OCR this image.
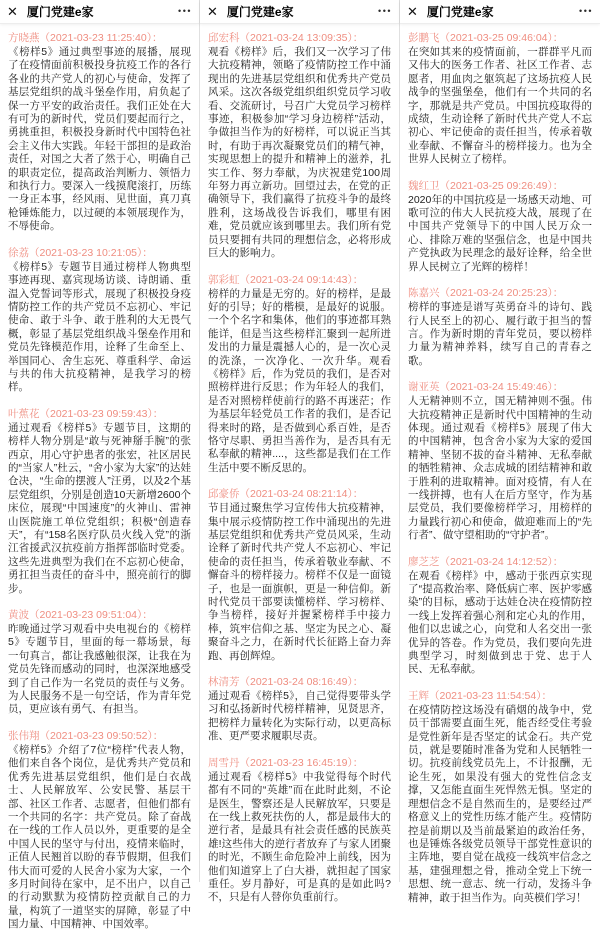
✕ 厦门党建e家	•••
方晓燕（2021-03-23 11:25:40）：
《榜样5》通过典型事迹的展播，展现了在疫情面前积极投身抗疫工作的各行各业的共产党人的初心与使命，发挥了基层党组织的战斗堡垒作用，肩负起了保一方平安的政治责任。我们正处在大有可为的新时代，党员们要起而行之，勇挑重担，积极投身新时代中国特色社会主义伟大实践。年轻干部担的是政治责任，对国之大者了然于心，明确自己的职责定位，提高政治判断力、领悟力和执行力。要深入一线摸爬滚打，历练一身正本事，经风雨、见世面，真刀真枪锤炼能力，以过硬的本领展现作为，不辱使命。
徐荔（2021-03-23 10:21:05）：
《榜样5》专题节目通过榜样人物典型事迹再现、嘉宾现场访谈、诗朗诵、重温入党誓词等形式，展现了积极投身疫情防控工作的共产党员不忘初心、牢记使命、敢于斗争、敢于胜利的大无畏气概，彰显了基层党组织战斗堡垒作用和党员先锋模范作用，诠释了生命至上、举国同心、舍生忘死、尊重科学、命运与共的伟大抗疫精神，是我学习的榜样。
叶蕉花（2021-03-23 09:59:43）：
通过观看《榜样5》专题节目，这期的榜样人物分别是“敢与死神掰手腕”的张西京，用心守护患者的张宏，社区居民的“当家人”杜云，“舍小家为大家”的达娃仓决，“生命的摆渡人”汪勇，以及2个基层党组织，分别是创造10天新增2600个床位，展现“中国速度”的火神山、雷神山医院施工单位党组织；积极“创造春天”，有“158名医疗队员火线入党”的浙江省援武汉抗疫前方指挥部临时党委。这些先进典型为我们在不忘初心使命，勇扛担当责任的奋斗中，照亮前行的脚步。
黄波（2021-03-23 09:51:04）：
昨晚通过学习观看中央电视台的《榜样5》专题节目，里面的每一幕场景，每一句真言，都让我感触很深，让我在为党员先锋而感动的同时，也深深地感受到了自己作为一名党员的责任与义务。为人民服务不是一句空话，作为青年党员，更应该有勇气、有担当。
张伟翔（2021-03-23 09:50:52）：
《榜样5》介绍了7位“榜样”代表人物，他们来自各个岗位，是优秀共产党员和优秀先进基层党组织，他们是白衣战士、人民解放军、公安民警、基层干部、社区工作者、志愿者，但他们都有一个共同的名字：共产党员。除了奋战在一线的工作人员以外，更重要的是全中国人民的坚守与付出，疫情来临时，正值人民翘首以盼的春节假期，但我们伟大而可爱的人民舍小家为大家，一个多月时间待在家中，足不出户，以自己的行动默默为疫情防控贡献自己的力量，构筑了一道坚实的屏障，彰显了中国力量、中国精神、中国效率。
✕ 厦门党建e家	•••
邱宏科（2021-03-24 13:09:35）：
观看《榜样》后，我们又一次学习了伟大抗疫精神，领略了疫情防控工作中涌现出的先进基层党组织和优秀共产党员风采。这次各级党组织组织党员学习收看、交流研讨，号召广大党员学习榜样事迹，积极参加“学习身边榜样”活动，争做担当作为的好榜样，可以说正当其时，有助于再次凝聚党员们的精气神，实现思想上的提升和精神上的滋养，扎实工作、努力奉献，为庆祝建党100周年努力再立新功。回望过去，在党的正确领导下，我们赢得了抗疫斗争的最终胜利，这场战役告诉我们，哪里有困难，党员就应该到哪里去。我们所有党员只要拥有共同的理想信念，必将形成巨大的影响力。
郭彩虹（2021-03-24 09:14:43）：
榜样的力量是无穷的。好的榜样，是最好的引导；好的楷模，是最好的说服。一个个名字和集体，他们的事迹都耳熟能详，但是当这些榜样汇聚到一起所迸发出的力量是震撼人心的，是一次心灵的洗涤，一次净化、一次升华。观看《榜样》后，作为党员的我们，是否对照榜样进行反思；作为年轻人的我们，是否对照榜样使前行的路不再迷茫；作为基层年轻党员工作者的我们，是否记得来时的路，是否做到心系百姓，是否恪守尽职、勇担当善作为，是否具有无私奉献的精神....，这些都是我们在工作生活中要不断反思的。
邱豪侨（2021-03-24 08:21:14）：
节目通过聚焦学习宣传伟大抗疫精神，集中展示疫情防控工作中涌现出的先进基层党组织和优秀共产党员风采，生动诠释了新时代共产党人不忘初心、牢记使命的责任担当，传承着敬业奉献、不懈奋斗的榜样接力。榜样不仅是一面镜子，也是一面旗帜，更是一种信仰。新时代党员干部要读懂榜样、学习榜样、争当榜样，接好并握紧榜样手中接力棒，筑牢信仰之基、坚定为民之心、凝聚奋斗之力，在新时代长征路上奋力奔跑、再创辉煌。
林清芳（2021-03-24 08:16:49）：
通过观看《榜样5》，自己觉得要带头学习和弘扬新时代榜样精神，见贤思齐，把榜样力量转化为实际行动，以更高标准、更严要求履职尽责。
周雪丹（2021-03-23 16:45:19）：
通过观看《榜样5》中我觉得每个时代都有不同的“英雄”而在此时此刻，不论是医生，警察还是人民解放军，只要是在一线上救死扶伤的人，都是最伟大的逆行者，是最具有社会责任感的民族英雄!这些伟大的逆行者放弃了与家人团聚的时光，不顾生命危险冲上前线，因为他们知道穿上了白大褂，就担起了国家重任。岁月静好，可是真的是如此吗?不，只是有人替你负重前行。
✕ 厦门党建e家	•••
彭鹏飞（2021-03-25 09:46:04）：
在突如其来的疫情面前，一群群平凡而又伟大的医务工作者、社区工作者、志愿者，用血肉之躯筑起了这场抗疫人民战争的坚强堡垒，他们有一个共同的名字，那就是共产党员。中国抗疫取得的成绩，生动诠释了新时代共产党人不忘初心、牢记使命的责任担当，传承着敬业奉献、不懈奋斗的榜样接力。也为全世界人民树立了榜样。
魏红卫（2021-03-25 09:26:49）：
2020年的中国抗疫是一场感天动地、可歌可泣的伟大人民抗疫大战，展现了在中国共产党领导下的中国人民万众一心、排除万难的坚强信念，也是中国共产党执政为民理念的最好诠释，给全世界人民树立了光辉的榜样！
陈嘉兴（2021-03-24 20:25:23）：
榜样的事迹是谱写英勇奋斗的诗句、践行人民至上的初心、履行敢于担当的誓言。作为新时期的青年党员，要以榜样力量为精神养料，续写自己的青春之歌。
谢亚英（2021-03-24 15:49:46）：
人无精神则不立，国无精神则不强。伟大抗疫精神正是新时代中国精神的生动体现。通过观看《榜样5》展现了伟大的中国精神，包含舍小家为大家的爱国精神、坚韧不拔的奋斗精神、无私奉献的牺牲精神、众志成城的团结精神和敢于胜利的进取精神。面对疫情，有人在一线拼搏，也有人在后方坚守，作为基层党员，我们要像榜样学习，用榜样的力量践行初心和使命，做迎难而上的“先行者”、做守望相助的“守护者”。
廖芝芝（2021-03-24 14:12:52）：
在观看《榜样》中，感动于张西京实现了“提高救治率、降低病亡率、医护零感染”的目标，感动于达娃仓决在疫情防控一线上发挥着强心剂和定心丸的作用， 他们以忠诚之心，向党和人名交出一张优异的答卷。作为党员，我们要向先进典型学习，时刻做到忠于党、忠于人民、无私奉献。
王辉（2021-03-23 11:54:54）：
在疫情防控这场没有硝烟的战争中，党员干部需要直面生死，能否经受住考验是党性新年是否坚定的试金石。共产党员，就是要随时准备为党和人民牺牲一切。抗疫前线党员先上，不计报酬，无论生死，如果没有强大的党性信念支撑，又怎能直面生死悍然无惧。坚定的理想信念不是自然而生的，是要经过严格意义上的党性历练才能产生。疫情防控是前期以及当前最紧迫的政治任务，也是锤炼各级党员领导干部党性意识的主阵地，要自觉在战疫一线筑牢信念之基，建强理想之骨，推动全党上下统一思想、统一意志、统一行动，发扬斗争精神，敢于担当作为。向英模们学习！
